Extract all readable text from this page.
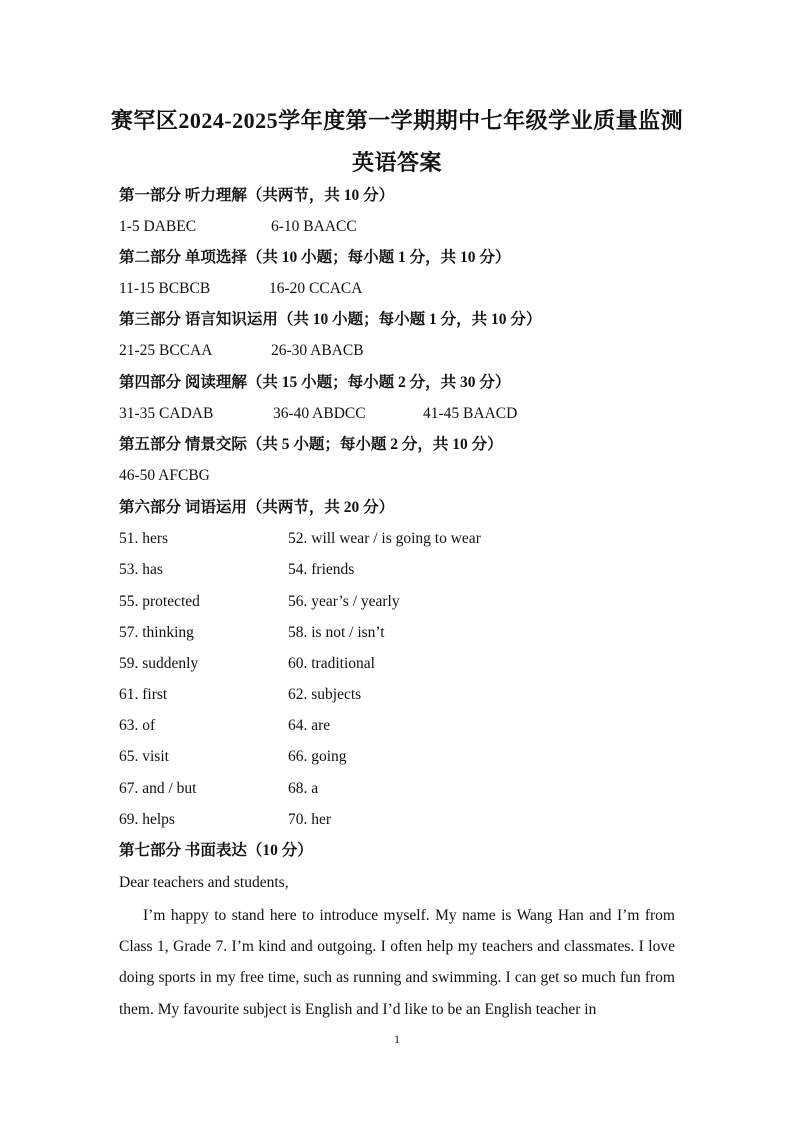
赛罕区2024-2025学年度第一学期期中七年级学业质量监测
英语答案
第一部分 听力理解（共两节，共 10 分）
1-5 DABEC	6-10 BAACC
第二部分 单项选择（共 10 小题；每小题 1 分，共 10 分）
11-15 BCBCB	16-20 CCACA
第三部分 语言知识运用（共 10 小题；每小题 1 分，共 10 分）
21-25 BCCAA	26-30 ABACB
第四部分 阅读理解（共 15 小题；每小题 2 分，共 30 分）
31-35 CADAB	36-40 ABDCC	41-45 BAACD
第五部分 情景交际（共 5 小题；每小题 2 分，共 10 分）
46-50 AFCBG
第六部分 词语运用（共两节，共 20 分）
51. hers	52. will wear / is going to wear
53. has	54. friends
55. protected	56. year’s / yearly
57. thinking	58. is not / isn’t
59. suddenly	60. traditional
61. first	62. subjects
63. of	64. are
65. visit	66. going
67. and / but	68. a
69. helps	70. her
第七部分 书面表达（10 分）
Dear teachers and students,
I’m happy to stand here to introduce myself. My name is Wang Han and I’m from Class 1, Grade 7. I’m kind and outgoing. I often help my teachers and classmates. I love doing sports in my free time, such as running and swimming. I can get so much fun from them. My favourite subject is English and I’d like to be an English teacher in
1
